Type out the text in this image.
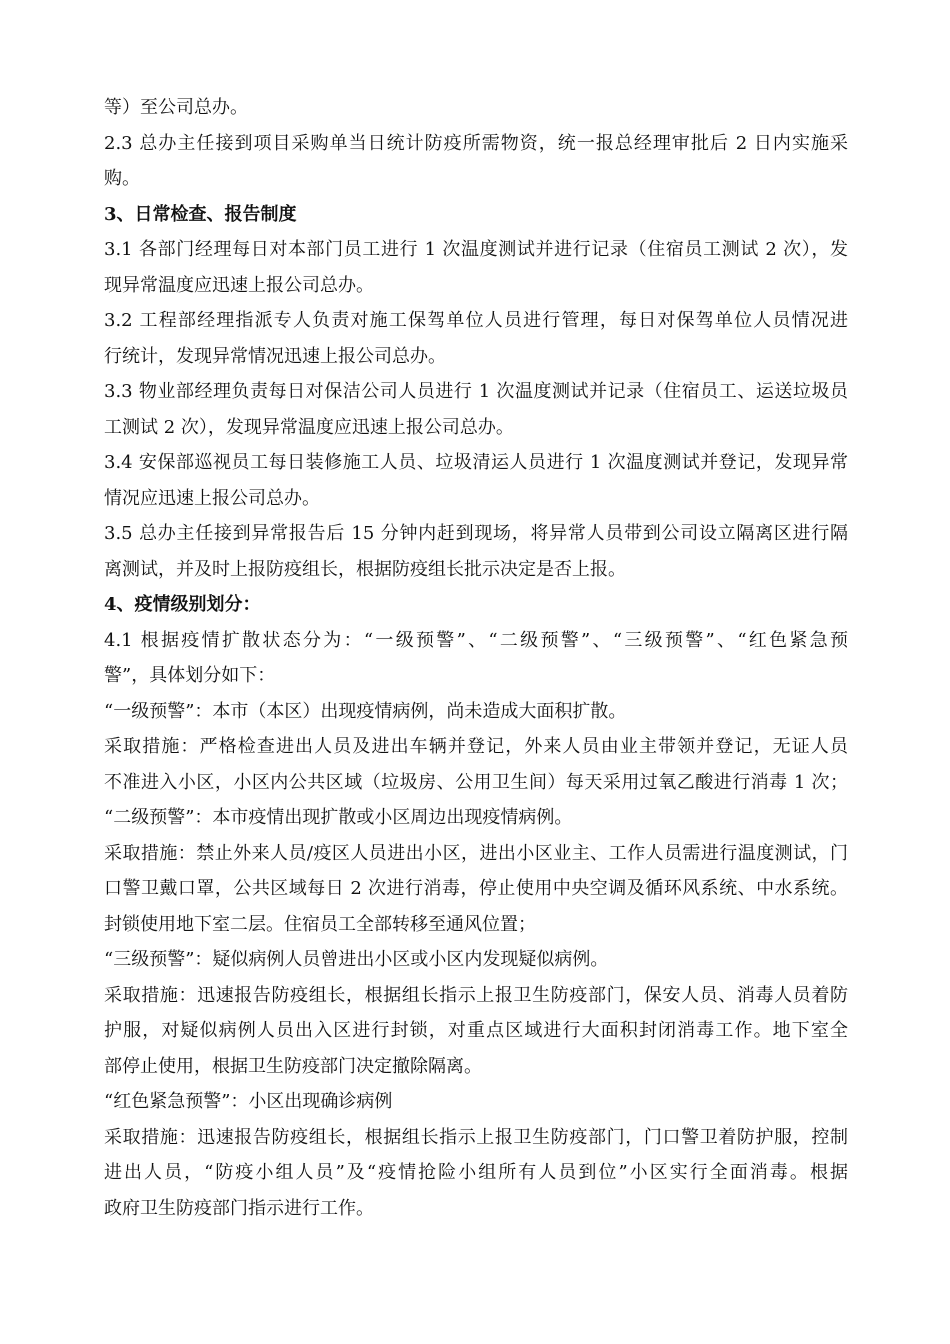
等）至公司总办。
2.3 总办主任接到项目采购单当日统计防疫所需物资，统一报总经理审批后 2 日内实施采
购。
3、日常检查、报告制度
3.1 各部门经理每日对本部门员工进行 1 次温度测试并进行记录（住宿员工测试 2 次），发
现异常温度应迅速上报公司总办。
3.2 工程部经理指派专人负责对施工保驾单位人员进行管理，每日对保驾单位人员情况进
行统计，发现异常情况迅速上报公司总办。
3.3 物业部经理负责每日对保洁公司人员进行 1 次温度测试并记录（住宿员工、运送垃圾员
工测试 2 次），发现异常温度应迅速上报公司总办。
3.4 安保部巡视员工每日装修施工人员、垃圾清运人员进行 1 次温度测试并登记，发现异常
情况应迅速上报公司总办。
3.5 总办主任接到异常报告后 15 分钟内赶到现场，将异常人员带到公司设立隔离区进行隔
离测试，并及时上报防疫组长，根据防疫组长批示决定是否上报。
4、疫情级别划分：
4.1 根据疫情扩散状态分为：“一级预警”、“二级预警”、“三级预警”、“红色紧急预
警”，具体划分如下：
“一级预警”：本市（本区）出现疫情病例，尚未造成大面积扩散。
采取措施：严格检查进出人员及进出车辆并登记，外来人员由业主带领并登记，无证人员
不准进入小区，小区内公共区域（垃圾房、公用卫生间）每天采用过氧乙酸进行消毒 1 次；
“二级预警”：本市疫情出现扩散或小区周边出现疫情病例。
采取措施：禁止外来人员/疫区人员进出小区，进出小区业主、工作人员需进行温度测试，门
口警卫戴口罩，公共区域每日 2 次进行消毒，停止使用中央空调及循环风系统、中水系统。
封锁使用地下室二层。住宿员工全部转移至通风位置；
“三级预警”：疑似病例人员曾进出小区或小区内发现疑似病例。
采取措施：迅速报告防疫组长，根据组长指示上报卫生防疫部门，保安人员、消毒人员着防
护服，对疑似病例人员出入区进行封锁，对重点区域进行大面积封闭消毒工作。地下室全
部停止使用，根据卫生防疫部门决定撤除隔离。
“红色紧急预警”：小区出现确诊病例
采取措施：迅速报告防疫组长，根据组长指示上报卫生防疫部门，门口警卫着防护服，控制
进出人员，“防疫小组人员”及“疫情抢险小组所有人员到位”小区实行全面消毒。根据
政府卫生防疫部门指示进行工作。
